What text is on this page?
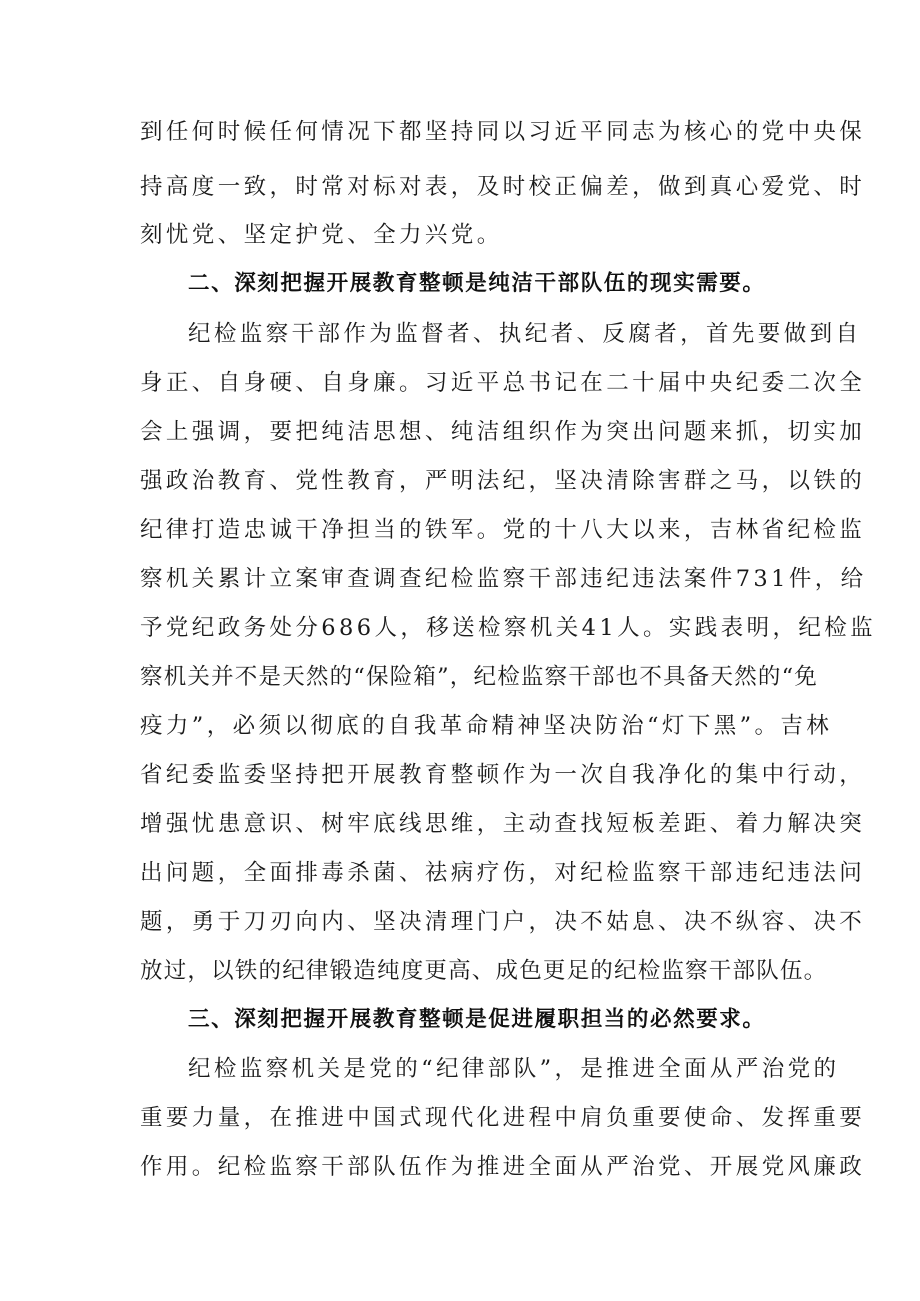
到任何时候任何情况下都坚持同以习近平同志为核心的党中央保
持高度一致，时常对标对表，及时校正偏差，做到真心爱党、时
刻忧党、坚定护党、全力兴党。
二、深刻把握开展教育整顿是纯洁干部队伍的现实需要。
纪检监察干部作为监督者、执纪者、反腐者，首先要做到自
身正、自身硬、自身廉。习近平总书记在二十届中央纪委二次全
会上强调，要把纯洁思想、纯洁组织作为突出问题来抓，切实加
强政治教育、党性教育，严明法纪，坚决清除害群之马，以铁的
纪律打造忠诚干净担当的铁军。党的十八大以来，吉林省纪检监
察机关累计立案审查调查纪检监察干部违纪违法案件731件，给
予党纪政务处分686人，移送检察机关41人。实践表明，纪检监
察机关并不是天然的“保险箱”，纪检监察干部也不具备天然的“免
疫力”，必须以彻底的自我革命精神坚决防治“灯下黑”。吉林
省纪委监委坚持把开展教育整顿作为一次自我净化的集中行动，
增强忧患意识、树牢底线思维，主动查找短板差距、着力解决突
出问题，全面排毒杀菌、祛病疗伤，对纪检监察干部违纪违法问
题，勇于刀刃向内、坚决清理门户，决不姑息、决不纵容、决不
放过，以铁的纪律锻造纯度更高、成色更足的纪检监察干部队伍。
三、深刻把握开展教育整顿是促进履职担当的必然要求。
纪检监察机关是党的“纪律部队”，是推进全面从严治党的
重要力量，在推进中国式现代化进程中肩负重要使命、发挥重要
作用。纪检监察干部队伍作为推进全面从严治党、开展党风廉政
